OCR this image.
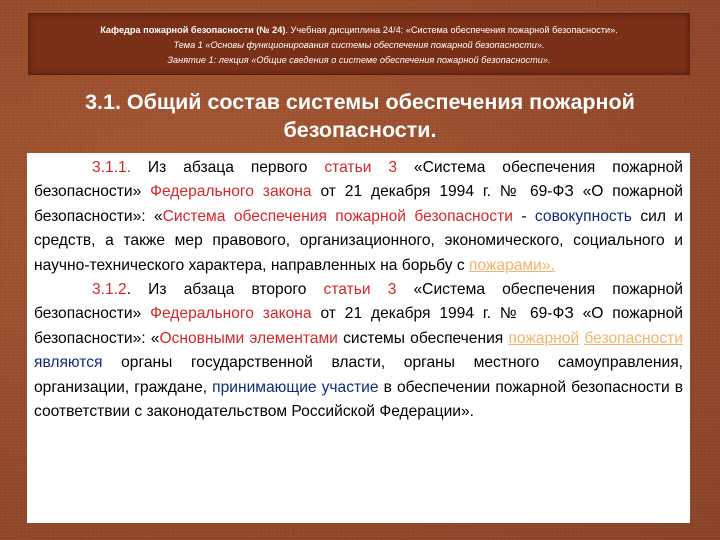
Кафедра пожарной безопасности (№ 24). Учебная дисциплина 24/4: «Система обеспечения пожарной безопасности».
Тема 1 «Основы функционирования системы обеспечения пожарной безопасности».
Занятие 1: лекция «Общие сведения о системе обеспечения пожарной безопасности».
3.1. Общий состав системы обеспечения пожарной
безопасности.

3.1.1. Из абзаца первого статьи 3 «Система обеспечения пожарной безопасности» Федерального закона от 21 декабря 1994 г. № 69-ФЗ «О пожарной безопасности»: «Система обеспечения пожарной безопасности - совокупность сил и средств, а также мер правового, организационного, экономического, социального и научно-технического характера, направленных на борьбу с пожарами».

3.1.2. Из абзаца второго статьи 3 «Система обеспечения пожарной безопасности» Федерального закона от 21 декабря 1994 г. № 69-ФЗ «О пожарной безопасности»: «Основными элементами системы обеспечения пожарной безопасности являются органы государственной власти, органы местного самоуправления, организации, граждане, принимающие участие в обеспечении пожарной безопасности в соответствии с законодательством Российской Федерации».
